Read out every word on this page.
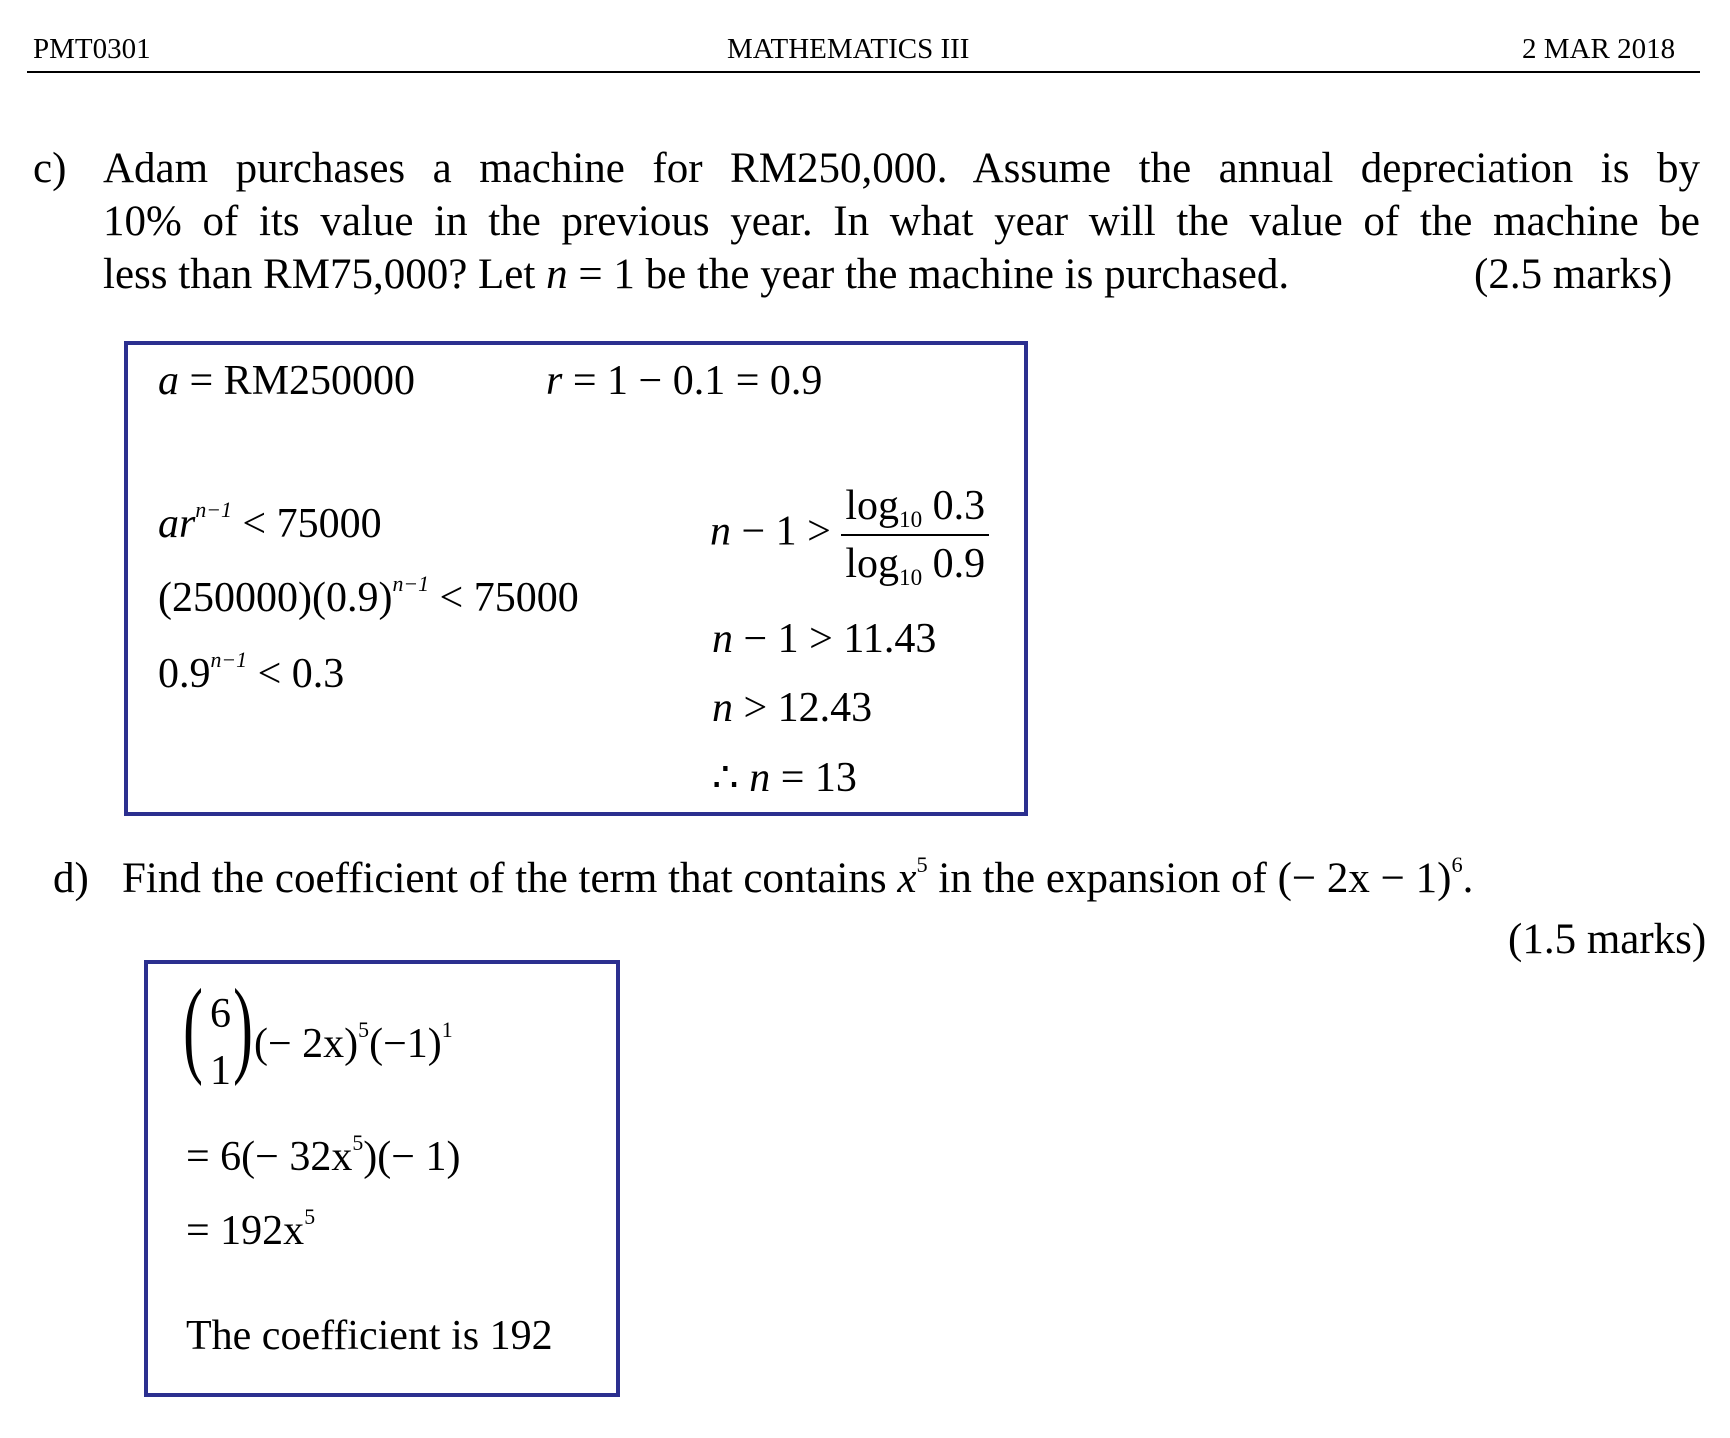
PMT0301	MATHEMATICS III	2 MAR 2018
c) Adam purchases a machine for RM250,000. Assume the annual depreciation is by
10% of its value in the previous year. In what year will the value of the machine be
less than RM75,000? Let n = 1 be the year the machine is purchased.	(2.5 marks)
a = RM250000	r = 1 − 0.1 = 0.9
$ar^{n-1} < 75000$
$(250000)(0.9)^{n-1} < 75000$
$0.9^{n-1} < 0.3$
$n - 1 > \frac{\log_{10} 0.3}{\log_{10} 0.9}$
n − 1 > 11.43
n > 12.43
∴ n = 13
d) Find the coefficient of the term that contains $x^5$ in the expansion of (− 2x − 1)$^6$.
(1.5 marks)
( 6
1 ) (− $2x)^5(-1)^1$
= $6(- 32x^5)(- 1)$
= $192x^5$
The coefficient is 192
